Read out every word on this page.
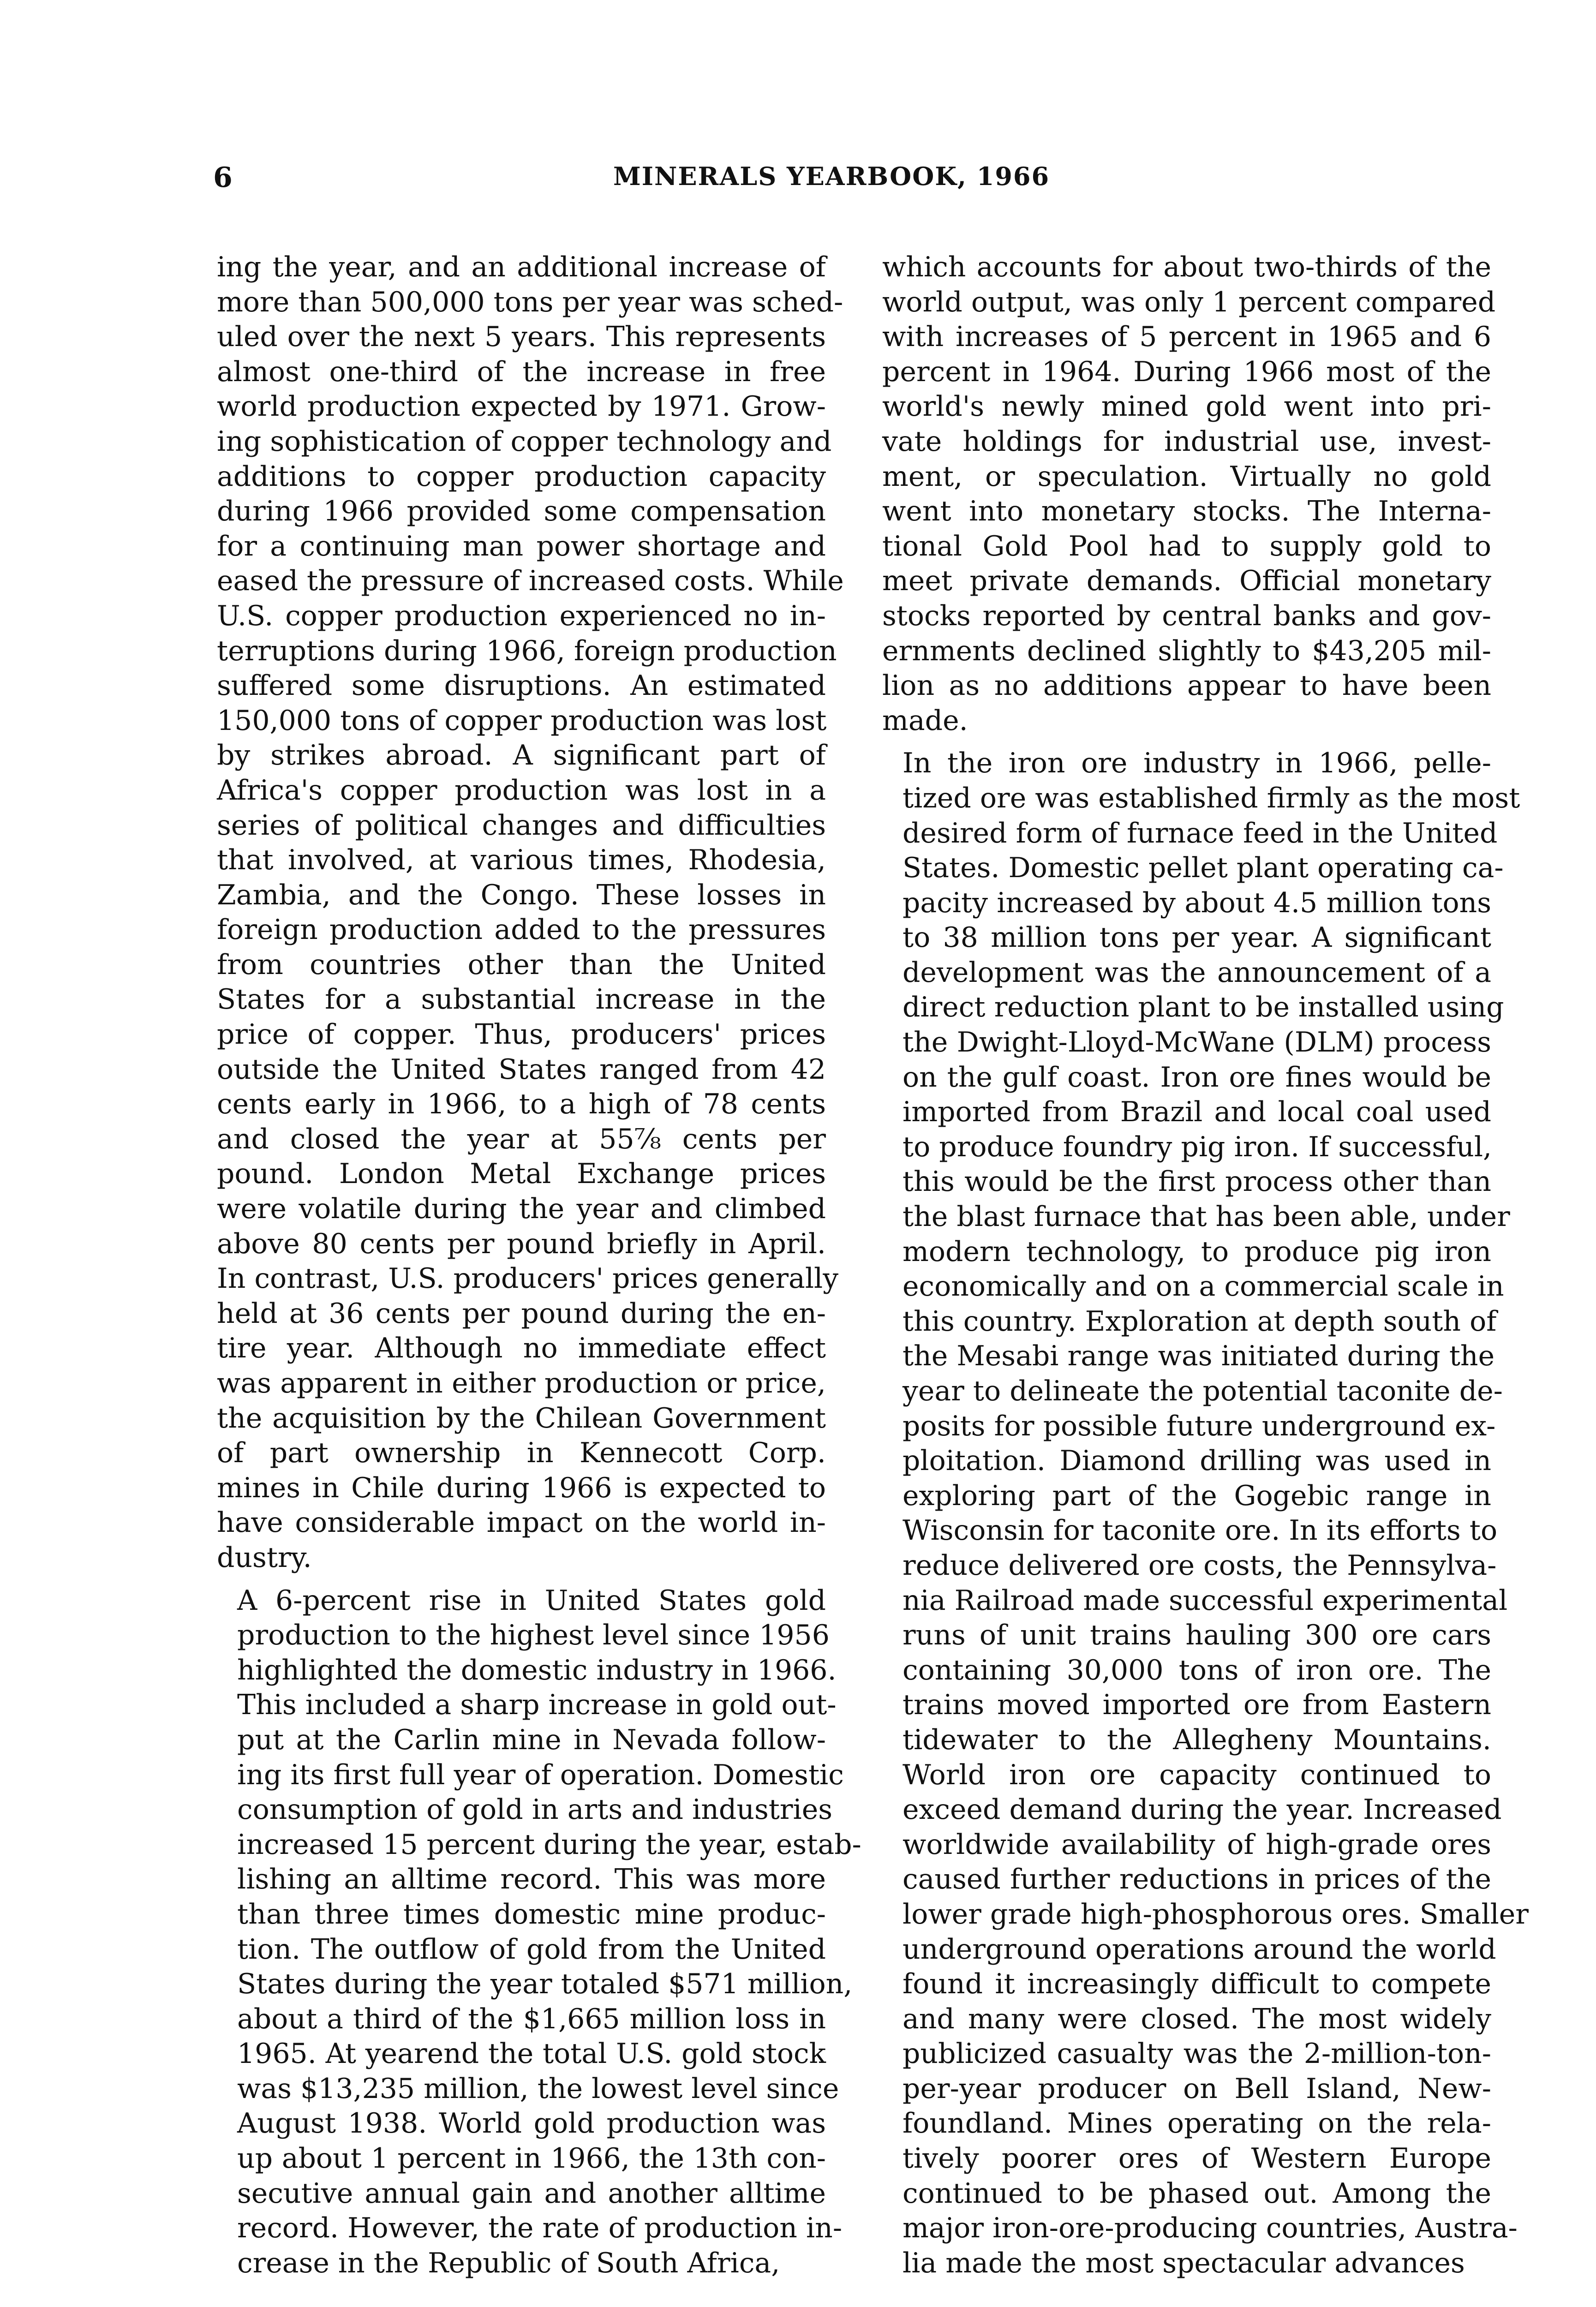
6	MINERALS YEARBOOK, 1966

ing the year, and an additional increase of
more than 500,000 tons per year was sched-
uled over the next 5 years. This represents
almost one-third of the increase in free
world production expected by 1971. Grow-
ing sophistication of copper technology and
additions to copper production capacity
during 1966 provided some compensation
for a continuing man power shortage and
eased the pressure of increased costs. While
U.S. copper production experienced no in-
terruptions during 1966, foreign production
suffered some disruptions. An estimated
150,000 tons of copper production was lost
by strikes abroad. A significant part of
Africa's copper production was lost in a
series of political changes and difficulties
that involved, at various times, Rhodesia,
Zambia, and the Congo. These losses in
foreign production added to the pressures
from countries other than the United
States for a substantial increase in the
price of copper. Thus, producers' prices
outside the United States ranged from 42
cents early in 1966, to a high of 78 cents
and closed the year at 55⅞ cents per
pound. London Metal Exchange prices
were volatile during the year and climbed
above 80 cents per pound briefly in April.
In contrast, U.S. producers' prices generally
held at 36 cents per pound during the en-
tire year. Although no immediate effect
was apparent in either production or price,
the acquisition by the Chilean Government
of part ownership in Kennecott Corp.
mines in Chile during 1966 is expected to
have considerable impact on the world in-
dustry.

A 6-percent rise in United States gold
production to the highest level since 1956
highlighted the domestic industry in 1966.
This included a sharp increase in gold out-
put at the Carlin mine in Nevada follow-
ing its first full year of operation. Domestic
consumption of gold in arts and industries
increased 15 percent during the year, estab-
lishing an alltime record. This was more
than three times domestic mine produc-
tion. The outflow of gold from the United
States during the year totaled $571 million,
about a third of the $1,665 million loss in
1965. At yearend the total U.S. gold stock
was $13,235 million, the lowest level since
August 1938. World gold production was
up about 1 percent in 1966, the 13th con-
secutive annual gain and another alltime
record. However, the rate of production in-
crease in the Republic of South Africa,

which accounts for about two-thirds of the
world output, was only 1 percent compared
with increases of 5 percent in 1965 and 6
percent in 1964. During 1966 most of the
world's newly mined gold went into pri-
vate holdings for industrial use, invest-
ment, or speculation. Virtually no gold
went into monetary stocks. The Interna-
tional Gold Pool had to supply gold to
meet private demands. Official monetary
stocks reported by central banks and gov-
ernments declined slightly to $43,205 mil-
lion as no additions appear to have been
made.

In the iron ore industry in 1966, pelle-
tized ore was established firmly as the most
desired form of furnace feed in the United
States. Domestic pellet plant operating ca-
pacity increased by about 4.5 million tons
to 38 million tons per year. A significant
development was the announcement of a
direct reduction plant to be installed using
the Dwight-Lloyd-McWane (DLM) process
on the gulf coast. Iron ore fines would be
imported from Brazil and local coal used
to produce foundry pig iron. If successful,
this would be the first process other than
the blast furnace that has been able, under
modern technology, to produce pig iron
economically and on a commercial scale in
this country. Exploration at depth south of
the Mesabi range was initiated during the
year to delineate the potential taconite de-
posits for possible future underground ex-
ploitation. Diamond drilling was used in
exploring part of the Gogebic range in
Wisconsin for taconite ore. In its efforts to
reduce delivered ore costs, the Pennsylva-
nia Railroad made successful experimental
runs of unit trains hauling 300 ore cars
containing 30,000 tons of iron ore. The
trains moved imported ore from Eastern
tidewater to the Allegheny Mountains.
World iron ore capacity continued to
exceed demand during the year. Increased
worldwide availability of high-grade ores
caused further reductions in prices of the
lower grade high-phosphorous ores. Smaller
underground operations around the world
found it increasingly difficult to compete
and many were closed. The most widely
publicized casualty was the 2-million-ton-
per-year producer on Bell Island, New-
foundland. Mines operating on the rela-
tively poorer ores of Western Europe
continued to be phased out. Among the
major iron-ore-producing countries, Austra-
lia made the most spectacular advances
